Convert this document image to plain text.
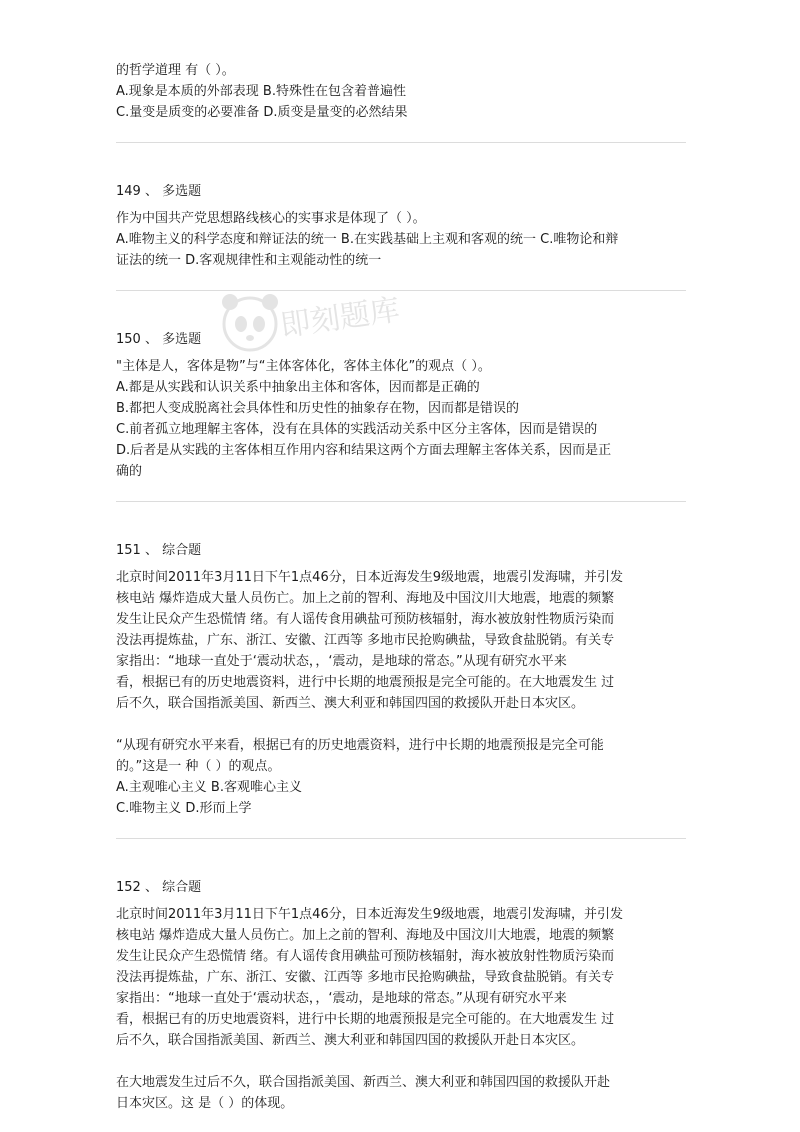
的哲学道理 有（ ）。
A.现象是本质的外部表现 B.特殊性在包含着普遍性
C.量变是质变的必要准备 D.质变是量变的必然结果
149 、 多选题
作为中国共产党思想路线核心的实事求是体现了（ ）。
A.唯物主义的科学态度和辩证法的统一 B.在实践基础上主观和客观的统一 C.唯物论和辩
证法的统一 D.客观规律性和主观能动性的统一
150 、 多选题
"主体是人，客体是物”与“主体客体化，客体主体化”的观点（ ）。
A.都是从实践和认识关系中抽象出主体和客体，因而都是正确的
B.都把人变成脱离社会具体性和历史性的抽象存在物，因而都是错误的
C.前者孤立地理解主客体，没有在具体的实践活动关系中区分主客体，因而是错误的
D.后者是从实践的主客体相互作用内容和结果这两个方面去理解主客体关系，因而是正
确的
151 、 综合题
北京时间2011年3月11日下午1点46分，日本近海发生9级地震，地震引发海啸，并引发
核电站 爆炸造成大量人员伤亡。加上之前的智利、海地及中国汶川大地震，地震的频繁
发生让民众产生恐慌情 绪。有人谣传食用碘盐可预防核辐射，海水被放射性物质污染而
没法再提炼盐，广东、浙江、安徽、江西等 多地市民抢购碘盐，导致食盐脱销。有关专
家指出：“地球一直处于‘震动状态，，‘震动，是地球的常态。”从现有研究水平来
看，根据已有的历史地震资料，进行中长期的地震预报是完全可能的。在大地震发生 过
后不久，联合国指派美国、新西兰、澳大利亚和韩国四国的救援队开赴日本灾区。
“从现有研究水平来看，根据已有的历史地震资料，进行中长期的地震预报是完全可能
的。”这是一 种（ ）的观点。
A.主观唯心主义 B.客观唯心主义
C.唯物主义 D.形而上学
152 、 综合题
北京时间2011年3月11日下午1点46分，日本近海发生9级地震，地震引发海啸，并引发
核电站 爆炸造成大量人员伤亡。加上之前的智利、海地及中国汶川大地震，地震的频繁
发生让民众产生恐慌情 绪。有人谣传食用碘盐可预防核辐射，海水被放射性物质污染而
没法再提炼盐，广东、浙江、安徽、江西等 多地市民抢购碘盐，导致食盐脱销。有关专
家指出：“地球一直处于‘震动状态，，‘震动，是地球的常态。”从现有研究水平来
看，根据已有的历史地震资料，进行中长期的地震预报是完全可能的。在大地震发生 过
后不久，联合国指派美国、新西兰、澳大利亚和韩国四国的救援队开赴日本灾区。
在大地震发生过后不久，联合国指派美国、新西兰、澳大利亚和韩国四国的救援队开赴
日本灾区。这 是（ ）的体现。
即刻题库
